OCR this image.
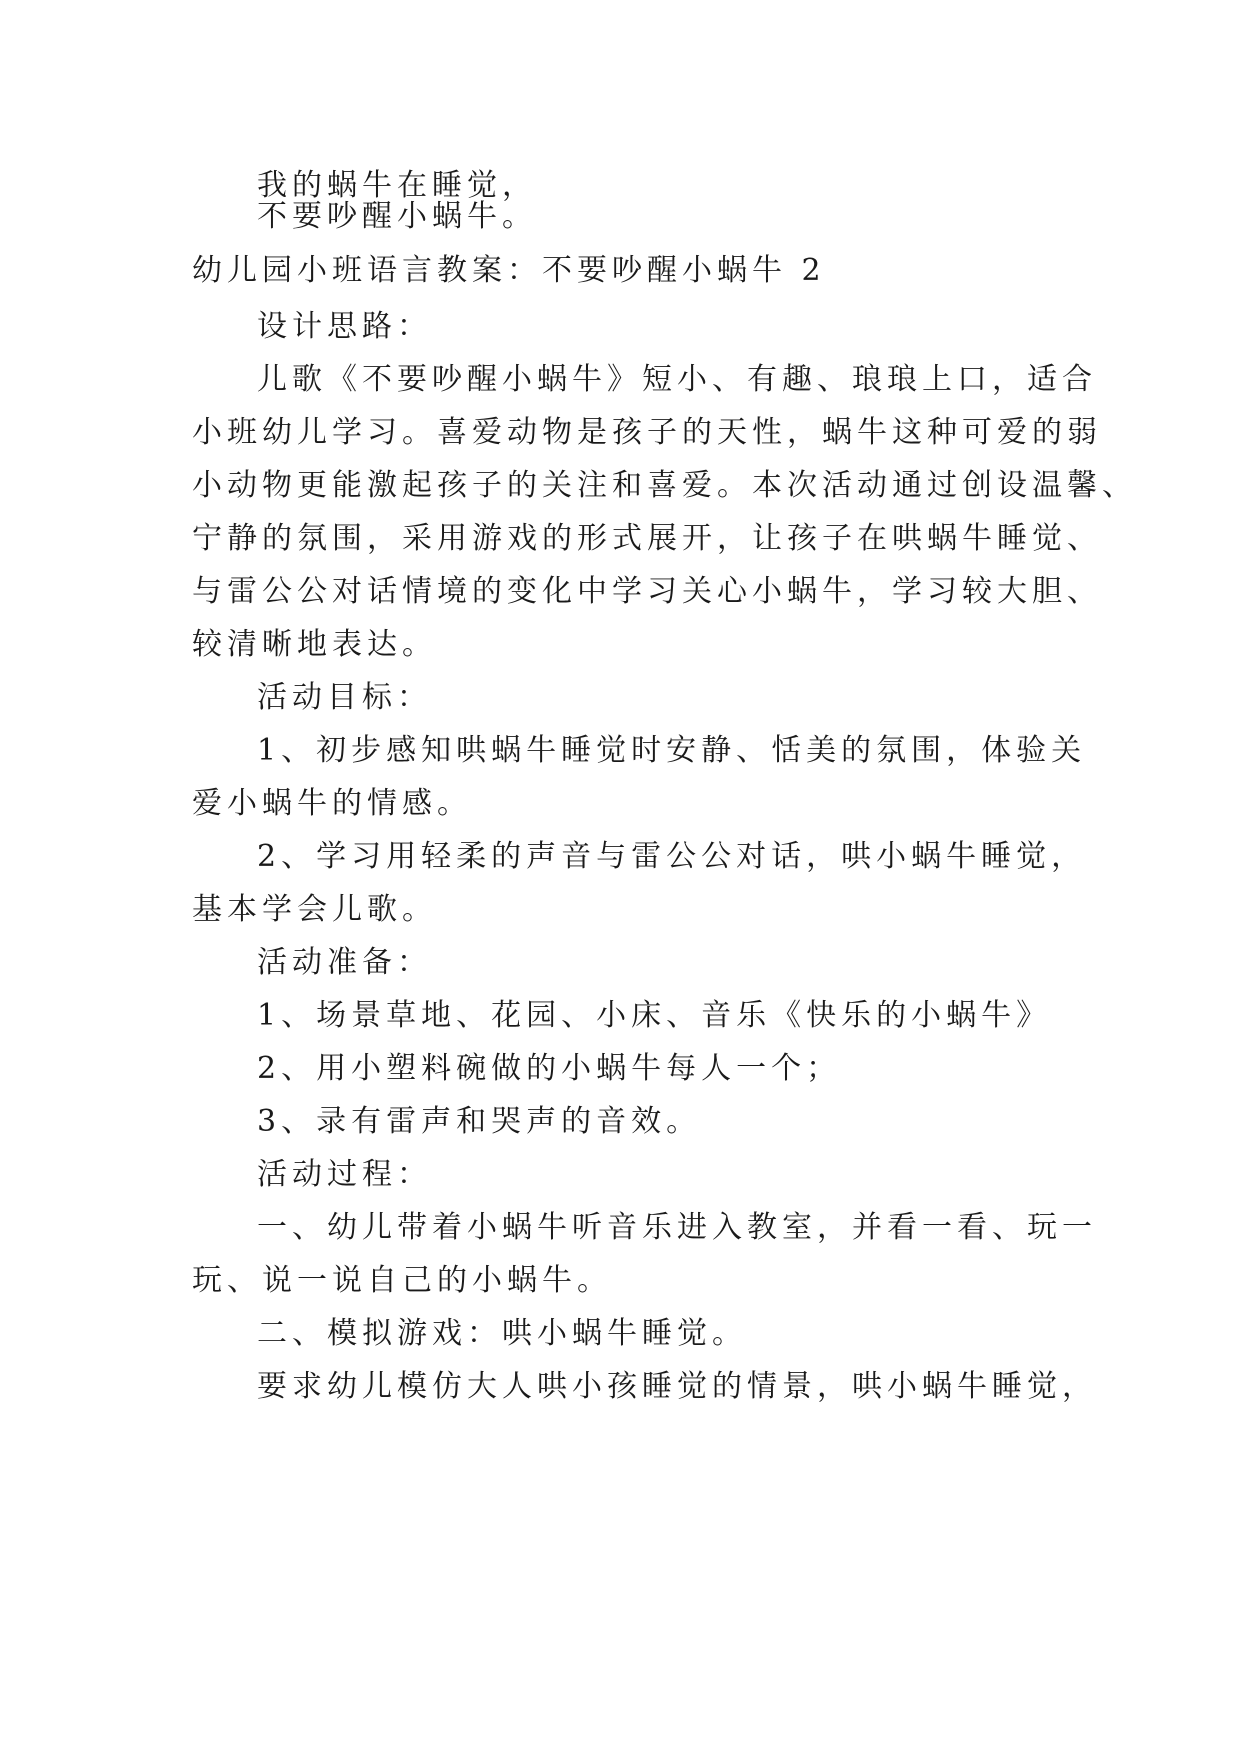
我的蜗牛在睡觉，

不要吵醒小蜗牛。

幼儿园小班语言教案：不要吵醒小蜗牛 2

设计思路：

儿歌《不要吵醒小蜗牛》短小、有趣、琅琅上口，适合

小班幼儿学习。喜爱动物是孩子的天性，蜗牛这种可爱的弱

小动物更能激起孩子的关注和喜爱。本次活动通过创设温馨、

宁静的氛围，采用游戏的形式展开，让孩子在哄蜗牛睡觉、

与雷公公对话情境的变化中学习关心小蜗牛，学习较大胆、

较清晰地表达。

活动目标：

1、初步感知哄蜗牛睡觉时安静、恬美的氛围，体验关

爱小蜗牛的情感。

2、学习用轻柔的声音与雷公公对话，哄小蜗牛睡觉，

基本学会儿歌。

活动准备：

1、场景草地、花园、小床、音乐《快乐的小蜗牛》

2、用小塑料碗做的小蜗牛每人一个；

3、录有雷声和哭声的音效。

活动过程：

一、幼儿带着小蜗牛听音乐进入教室，并看一看、玩一

玩、说一说自己的小蜗牛。

二、模拟游戏：哄小蜗牛睡觉。

要求幼儿模仿大人哄小孩睡觉的情景，哄小蜗牛睡觉，
